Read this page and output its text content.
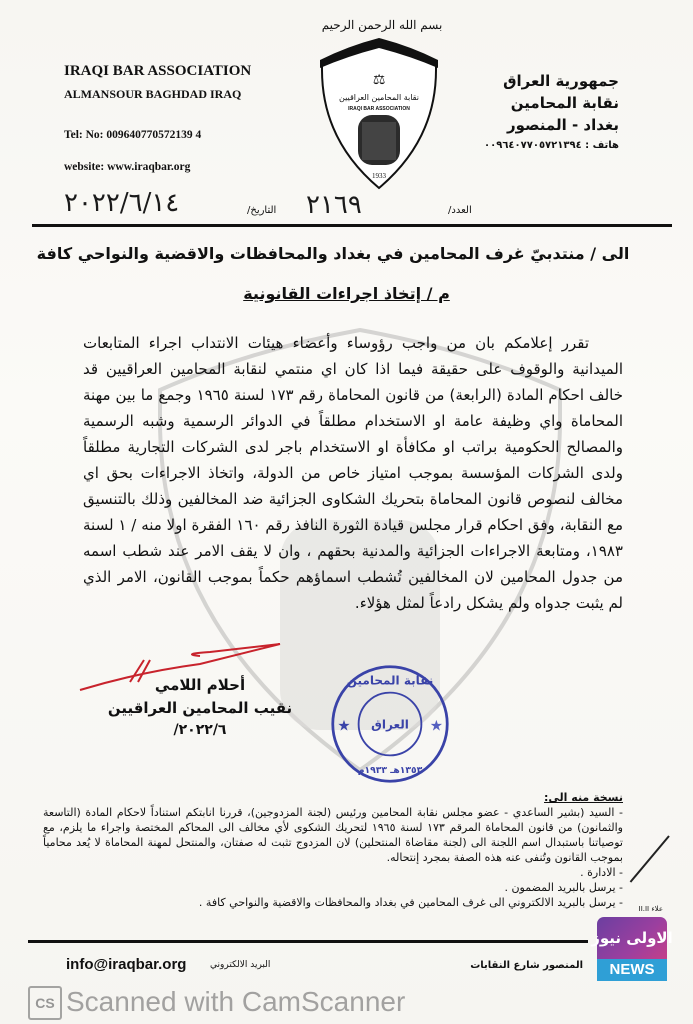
IRAQI BAR ASSOCIATION
ALMANSOUR BAGHDAD IRAQ
Tel: No: 009640770572139 4
website: www.iraqbar.org
بسم الله الرحمن الرحيم
⚖
نقابة المحامين العراقيين
IRAQI BAR ASSOCIATION
1933
جمهورية العراق
نقابة المحامين
بغداد - المنصور
هاتف : ٠٠٩٦٤٠٧٧٠٥٧٢١٣٩٤
العدد/
٢١٦٩
التاريخ/
٢٠٢٢/٦/١٤
الى / منتدبيّ غرف المحامين في بغداد والمحافظات والاقضية والنواحي كافة
م / إتخاذ اجراءات القانونية

تقرر إعلامكم بان من واجب رؤوساء وأعضاء هيئات الانتداب اجراء المتابعات الميدانية والوقوف على حقيقة فيما اذا كان اي منتمي لنقابة المحامين العراقيين قد خالف احكام المادة (الرابعة) من قانون المحاماة رقم ١٧٣ لسنة ١٩٦٥ وجمع ما بين مهنة المحاماة واي وظيفة عامة او الاستخدام مطلقاً في الدوائر الرسمية وشبه الرسمية والمصالح الحكومية براتب او مكافأة او الاستخدام باجر لدى الشركات التجارية مطلقاً ولدى الشركات المؤسسة بموجب امتياز خاص من الدولة، واتخاذ الاجراءات بحق اي مخالف لنصوص قانون المحاماة بتحريك الشكاوى الجزائية ضد المخالفين وذلك بالتنسيق مع النقابة، وفق احكام قرار مجلس قيادة الثورة النافذ رقم ١٦٠ الفقرة اولا منه / ١ لسنة ١٩٨٣، ومتابعة الاجراءات الجزائية والمدنية بحقهم ، وان لا يقف الامر عند شطب اسمه من جدول المحامين لان المخالفين تُشطب اسماؤهم حكماً بموجب القانون، الامر الذي لم يثبت جدواه ولم يشكل رادعاً لمثل هؤلاء.

أحلام اللامي
نقيب المحامين العراقيين
٢٠٢٢/٦/
نقابة المحامين
العراق
١٣٥٣هـ ١٩٣٣م
★	★
نسخة منه الى:
- السيد (بشير الساعدي - عضو مجلس نقابة المحامين ورئيس (لجنة المزدوجين)، قررنا انابتكم استناداً لاحكام المادة (التاسعة والثمانون) من قانون المحاماة المرقم ١٧٣ لسنة ١٩٦٥ لتحريك الشكوى لأي مخالف الى المحاكم المختصة واجراء ما يلزم، مع توصياتنا باستبدال اسم اللجنة الى (لجنة مقاضاة المنتحلين) لان المزدوج تثبت له صفتان، والمنتحل لمهنة المحاماة لا يُعد محامياً بموجب القانون وتُنفى عنه هذه الصفة بمجرد إنتحاله.
- الادارة .
- يرسل بالبريد المضمون .
- يرسل بالبريد الالكتروني الى غرف المحامين في بغداد والمحافظات والاقضية والنواحي كافة . علاء II.II
info@iraqbar.org	البريد الالكتروني	المنصور شارع النقابات
CS Scanned with CamScanner
الاولى نيوز
NEWS
